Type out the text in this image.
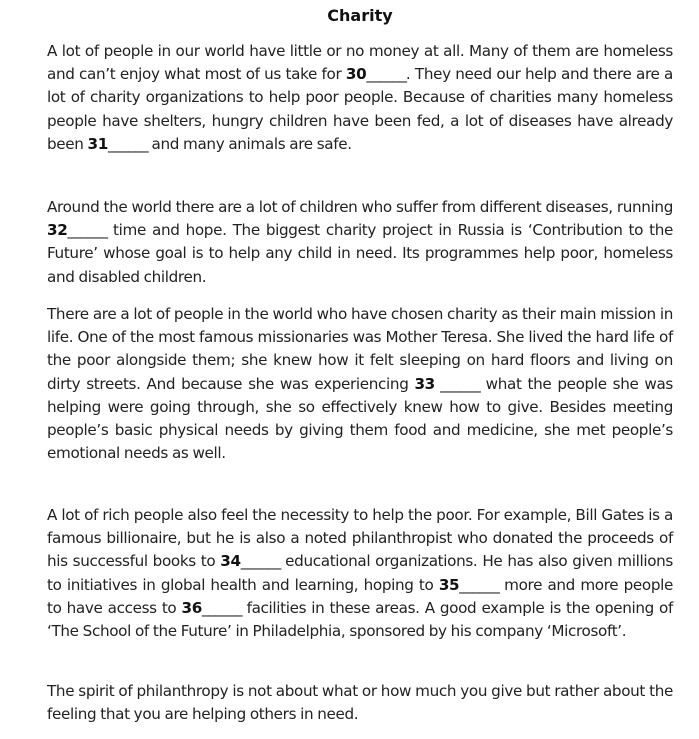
Charity

A lot of people in our world have little or no money at all. Many of them are homeless and can’t enjoy what most of us take for 30______. They need our help and there are a lot of charity organizations to help poor people. Because of charities many homeless people have shelters, hungry children have been fed, a lot of diseases have already been 31______ and many animals are safe.

Around the world there are a lot of children who suffer from different diseases, running 32______ time and hope. The biggest charity project in Russia is ‘Contribution to the Future’ whose goal is to help any child in need. Its programmes help poor, homeless and disabled children.

There are a lot of people in the world who have chosen charity as their main mission in life. One of the most famous missionaries was Mother Teresa. She lived the hard life of the poor alongside them; she knew how it felt sleeping on hard floors and living on dirty streets. And because she was experiencing 33 ______ what the people she was helping were going through, she so effectively knew how to give. Besides meeting people’s basic physical needs by giving them food and medicine, she met people’s emotional needs as well.

A lot of rich people also feel the necessity to help the poor. For example, Bill Gates is a famous billionaire, but he is also a noted philanthropist who donated the proceeds of his successful books to 34______ educational organizations. He has also given millions to initiatives in global health and learning, hoping to 35______ more and more people to have access to 36______ facilities in these areas. A good example is the opening of ‘The School of the Future’ in Philadelphia, sponsored by his company ‘Microsoft’.

The spirit of philanthropy is not about what or how much you give but rather about the feeling that you are helping others in need.
